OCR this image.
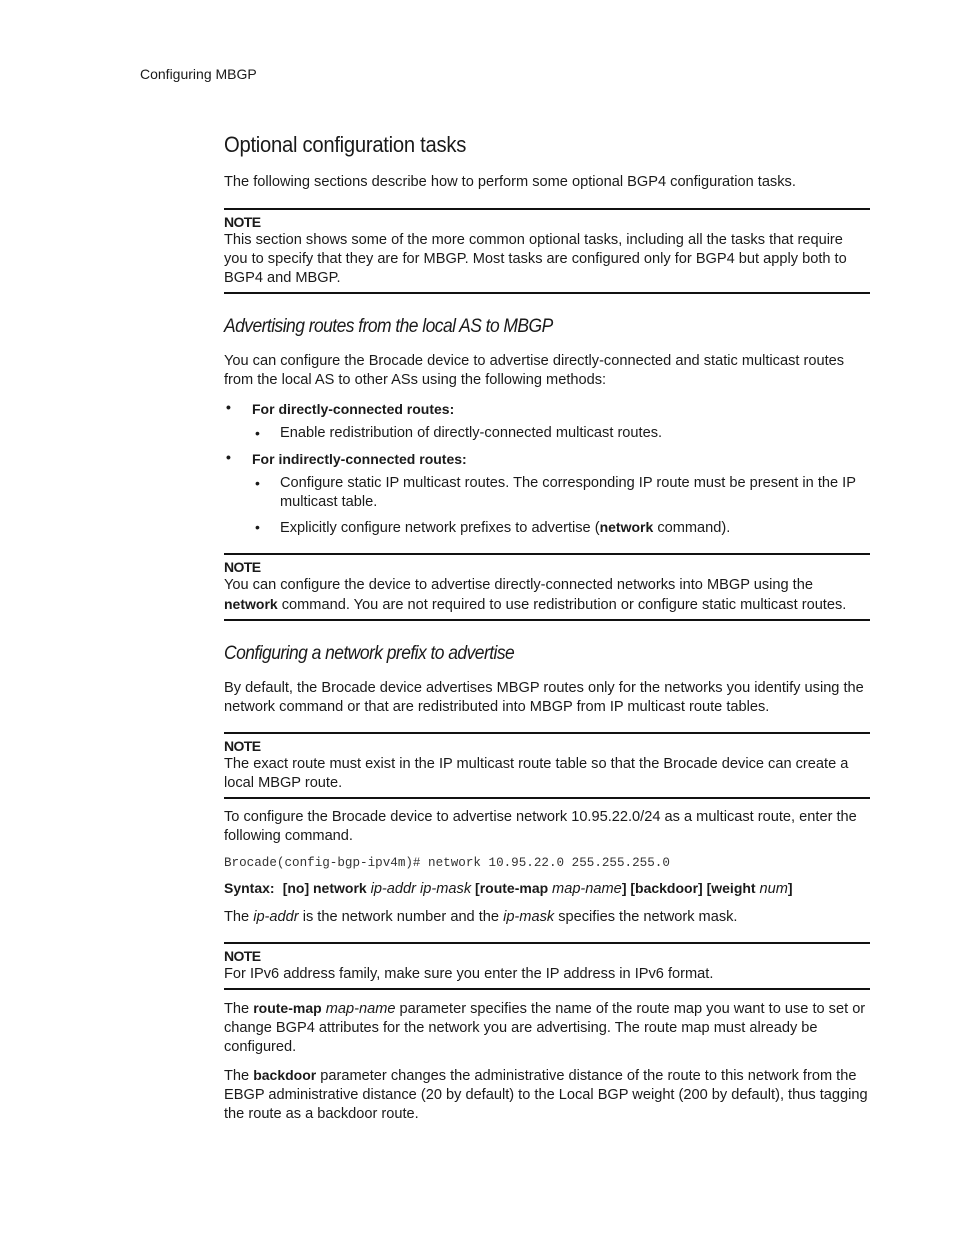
Configuring MBGP
Optional configuration tasks

The following sections describe how to perform some optional BGP4 configuration tasks.

NOTE

This section shows some of the more common optional tasks, including all the tasks that require you to specify that they are for MBGP. Most tasks are configured only for BGP4 but apply both to BGP4 and MBGP.

Advertising routes from the local AS to MBGP

You can configure the Brocade device to advertise directly-connected and static multicast routes from the local AS to other ASs using the following methods:

• For directly-connected routes:
• Enable redistribution of directly-connected multicast routes.
• For indirectly-connected routes:
• Configure static IP multicast routes. The corresponding IP route must be present in the IP multicast table.
• Explicitly configure network prefixes to advertise (network command).
NOTE

You can configure the device to advertise directly-connected networks into MBGP using the network command. You are not required to use redistribution or configure static multicast routes.

Configuring a network prefix to advertise

By default, the Brocade device advertises MBGP routes only for the networks you identify using the network command or that are redistributed into MBGP from IP multicast route tables.

NOTE

The exact route must exist in the IP multicast route table so that the Brocade device can create a local MBGP route.

To configure the Brocade device to advertise network 10.95.22.0/24 as a multicast route, enter the following command.

Brocade(config-bgp-ipv4m)# network 10.95.22.0 255.255.255.0

Syntax: [no] network ip-addr ip-mask [route-map map-name] [backdoor] [weight num]

The ip-addr is the network number and the ip-mask specifies the network mask.

NOTE

For IPv6 address family, make sure you enter the IP address in IPv6 format.

The route-map map-name parameter specifies the name of the route map you want to use to set or change BGP4 attributes for the network you are advertising. The route map must already be configured.

The backdoor parameter changes the administrative distance of the route to this network from the EBGP administrative distance (20 by default) to the Local BGP weight (200 by default), thus tagging the route as a backdoor route.
